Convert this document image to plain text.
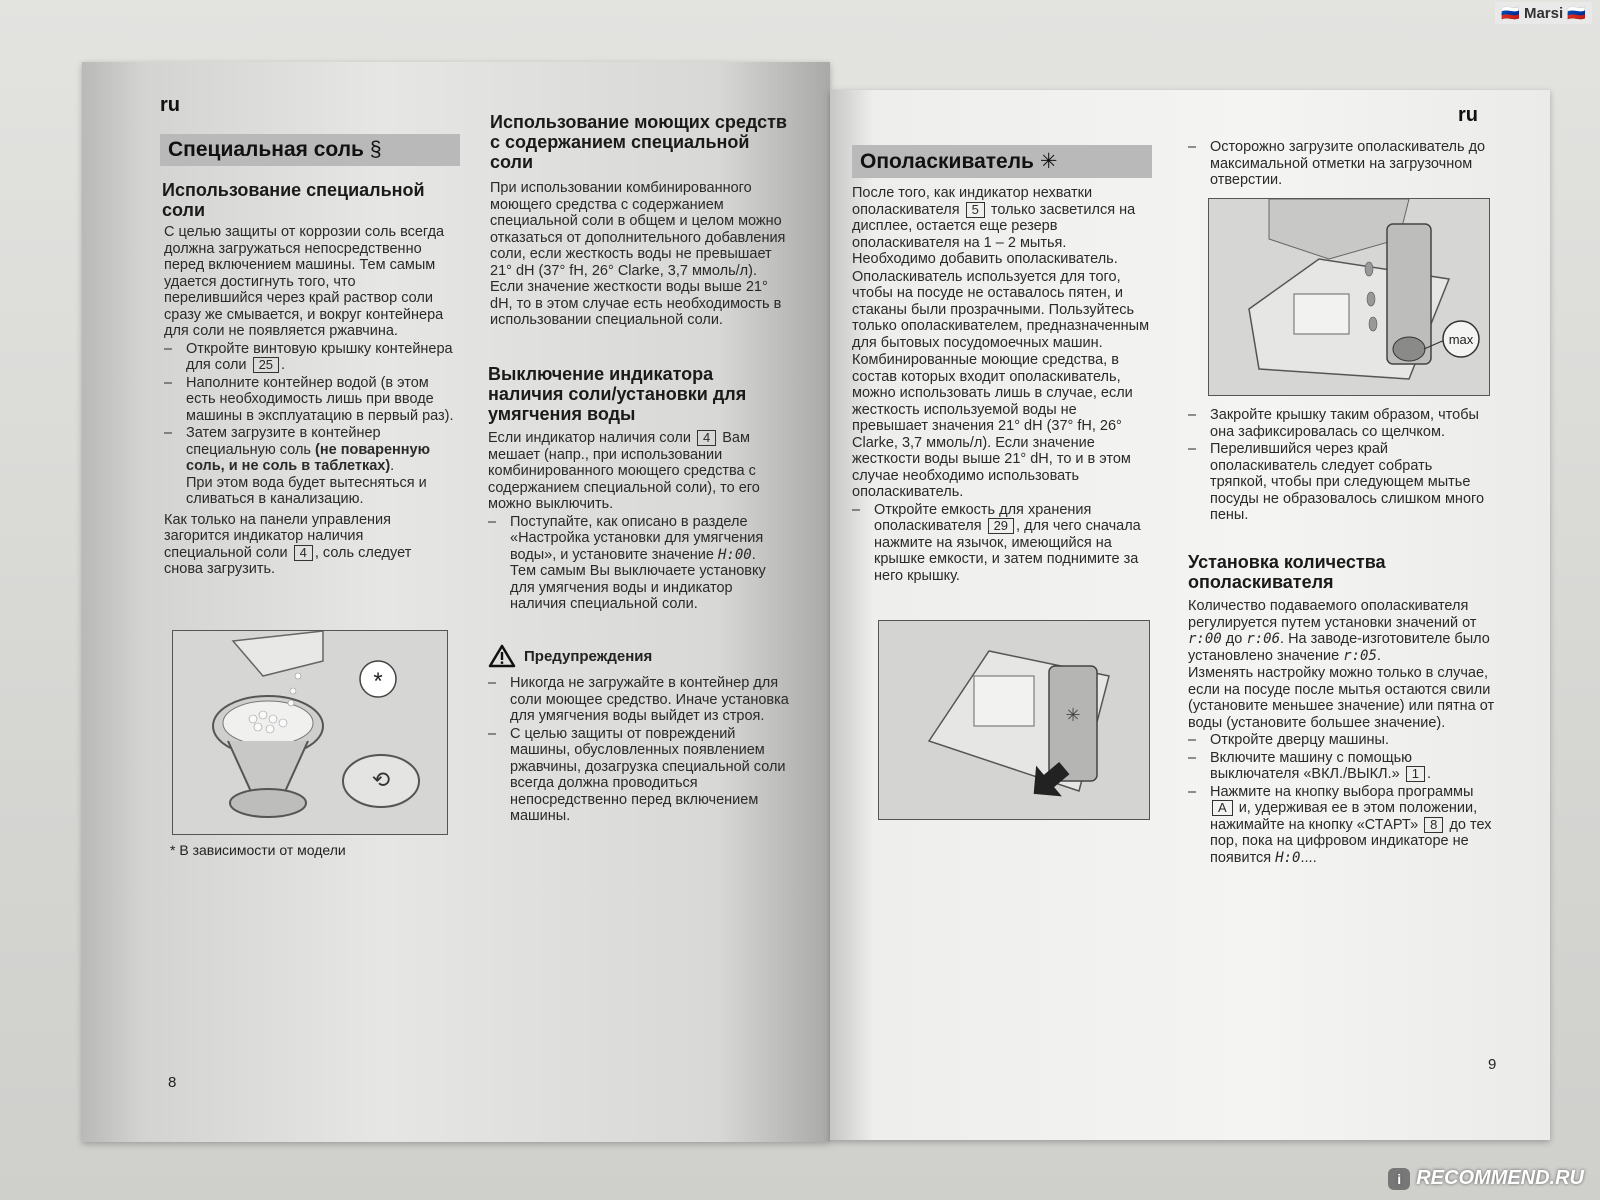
ru
Специальная соль §
Использование специальной соли

С целью защиты от коррозии соль всегда должна загружаться непосредственно перед включением машины. Тем самым удается достигнуть того, что перелившийся через край раствор соли сразу же смывается, и вокруг контейнера для соли не появляется ржавчина.

– Откройте винтовую крышку контейнера для соли 25 .
– Наполните контейнер водой (в этом есть необходимость лишь при вводе машины в эксплуатацию в первый раз).
– Затем загрузите в контейнер специальную соль (не поваренную соль, и не соль в таблетках).
При этом вода будет вытесняться и сливаться в канализацию.

Как только на панели управления загорится индикатор наличия специальной соли 4 , соль следует снова загрузить.

⟲
*
* В зависимости от модели
Использование моющих средств с содержанием специальной соли
При использовании комбинированного моющего средства с содержанием специальной соли в общем и целом можно отказаться от дополнительного добавления соли, если жесткость воды не превышает 21° dH (37° fH, 26° Clarke, 3,7 ммоль/л). Если значение жесткости воды выше 21° dH, то в этом случае есть необходимость в использовании специальной соли.
Выключение индикатора наличия соли/установки для умягчения воды

Если индикатор наличия соли 4 Вам мешает (напр., при использовании комбинированного моющего средства с содержанием специальной соли), то его можно выключить.

– Поступайте, как описано в разделе «Настройка установки для умягчения воды», и установите значение H:00.
Тем самым Вы выключаете установку для умягчения воды и индикатор наличия специальной соли.
Предупреждения
– Никогда не загружайте в контейнер для соли моющее средство. Иначе установка для умягчения воды выйдет из строя.
– С целью защиты от повреждений машины, обусловленных появлением ржавчины, дозагрузка специальной соли всегда должна проводиться непосредственно перед включением машины.
8
ru
Ополаскиватель ✳

После того, как индикатор нехватки ополаскивателя 5 только засветился на дисплее, остается еще резерв ополаскивателя на 1 – 2 мытья. Необходимо добавить ополаскиватель.

Ополаскиватель используется для того, чтобы на посуде не оставалось пятен, и стаканы были прозрачными. Пользуйтесь только ополаскивателем, предназначенным для бытовых посудомоечных машин.

Комбинированные моющие средства, в состав которых входит ополаскиватель, можно использовать лишь в случае, если жесткость используемой воды не превышает значения 21° dH (37° fH, 26° Clarke, 3,7 ммоль/л). Если значение жесткости воды выше 21° dH, то и в этом случае необходимо использовать ополаскиватель.

– Откройте емкость для хранения ополаскивателя 29 , для чего сначала нажмите на язычок, имеющийся на крышке емкости, и затем поднимите за него крышку.
✳
– Осторожно загрузите ополаскиватель до максимальной отметки на загрузочном отверстии.
max
– Закройте крышку таким образом, чтобы она зафиксировалась со щелчком.
– Перелившийся через край ополаскиватель следует собрать тряпкой, чтобы при следующем мытье посуды не образовалось слишком много пены.
Установка количества ополаскивателя

Количество подаваемого ополаскивателя регулируется путем установки значений от r:00 до r:06. На заводе-изготовителе было установлено значение r:05.

Изменять настройку можно только в случае, если на посуде после мытья остаются свили (установите меньшее значение) или пятна от воды (установите большее значение).

– Откройте дверцу машины.
– Включите машину с помощью выключателя «ВКЛ./ВЫКЛ.» 1 .
– Нажмите на кнопку выбора программы A и, удерживая ее в этом положении, нажимайте на кнопку «СТАРТ» 8 до тех пор, пока на цифровом индикаторе не появится H:0....
9
🇷🇺 Marsi 🇷🇺
i RECOMMEND.RU
